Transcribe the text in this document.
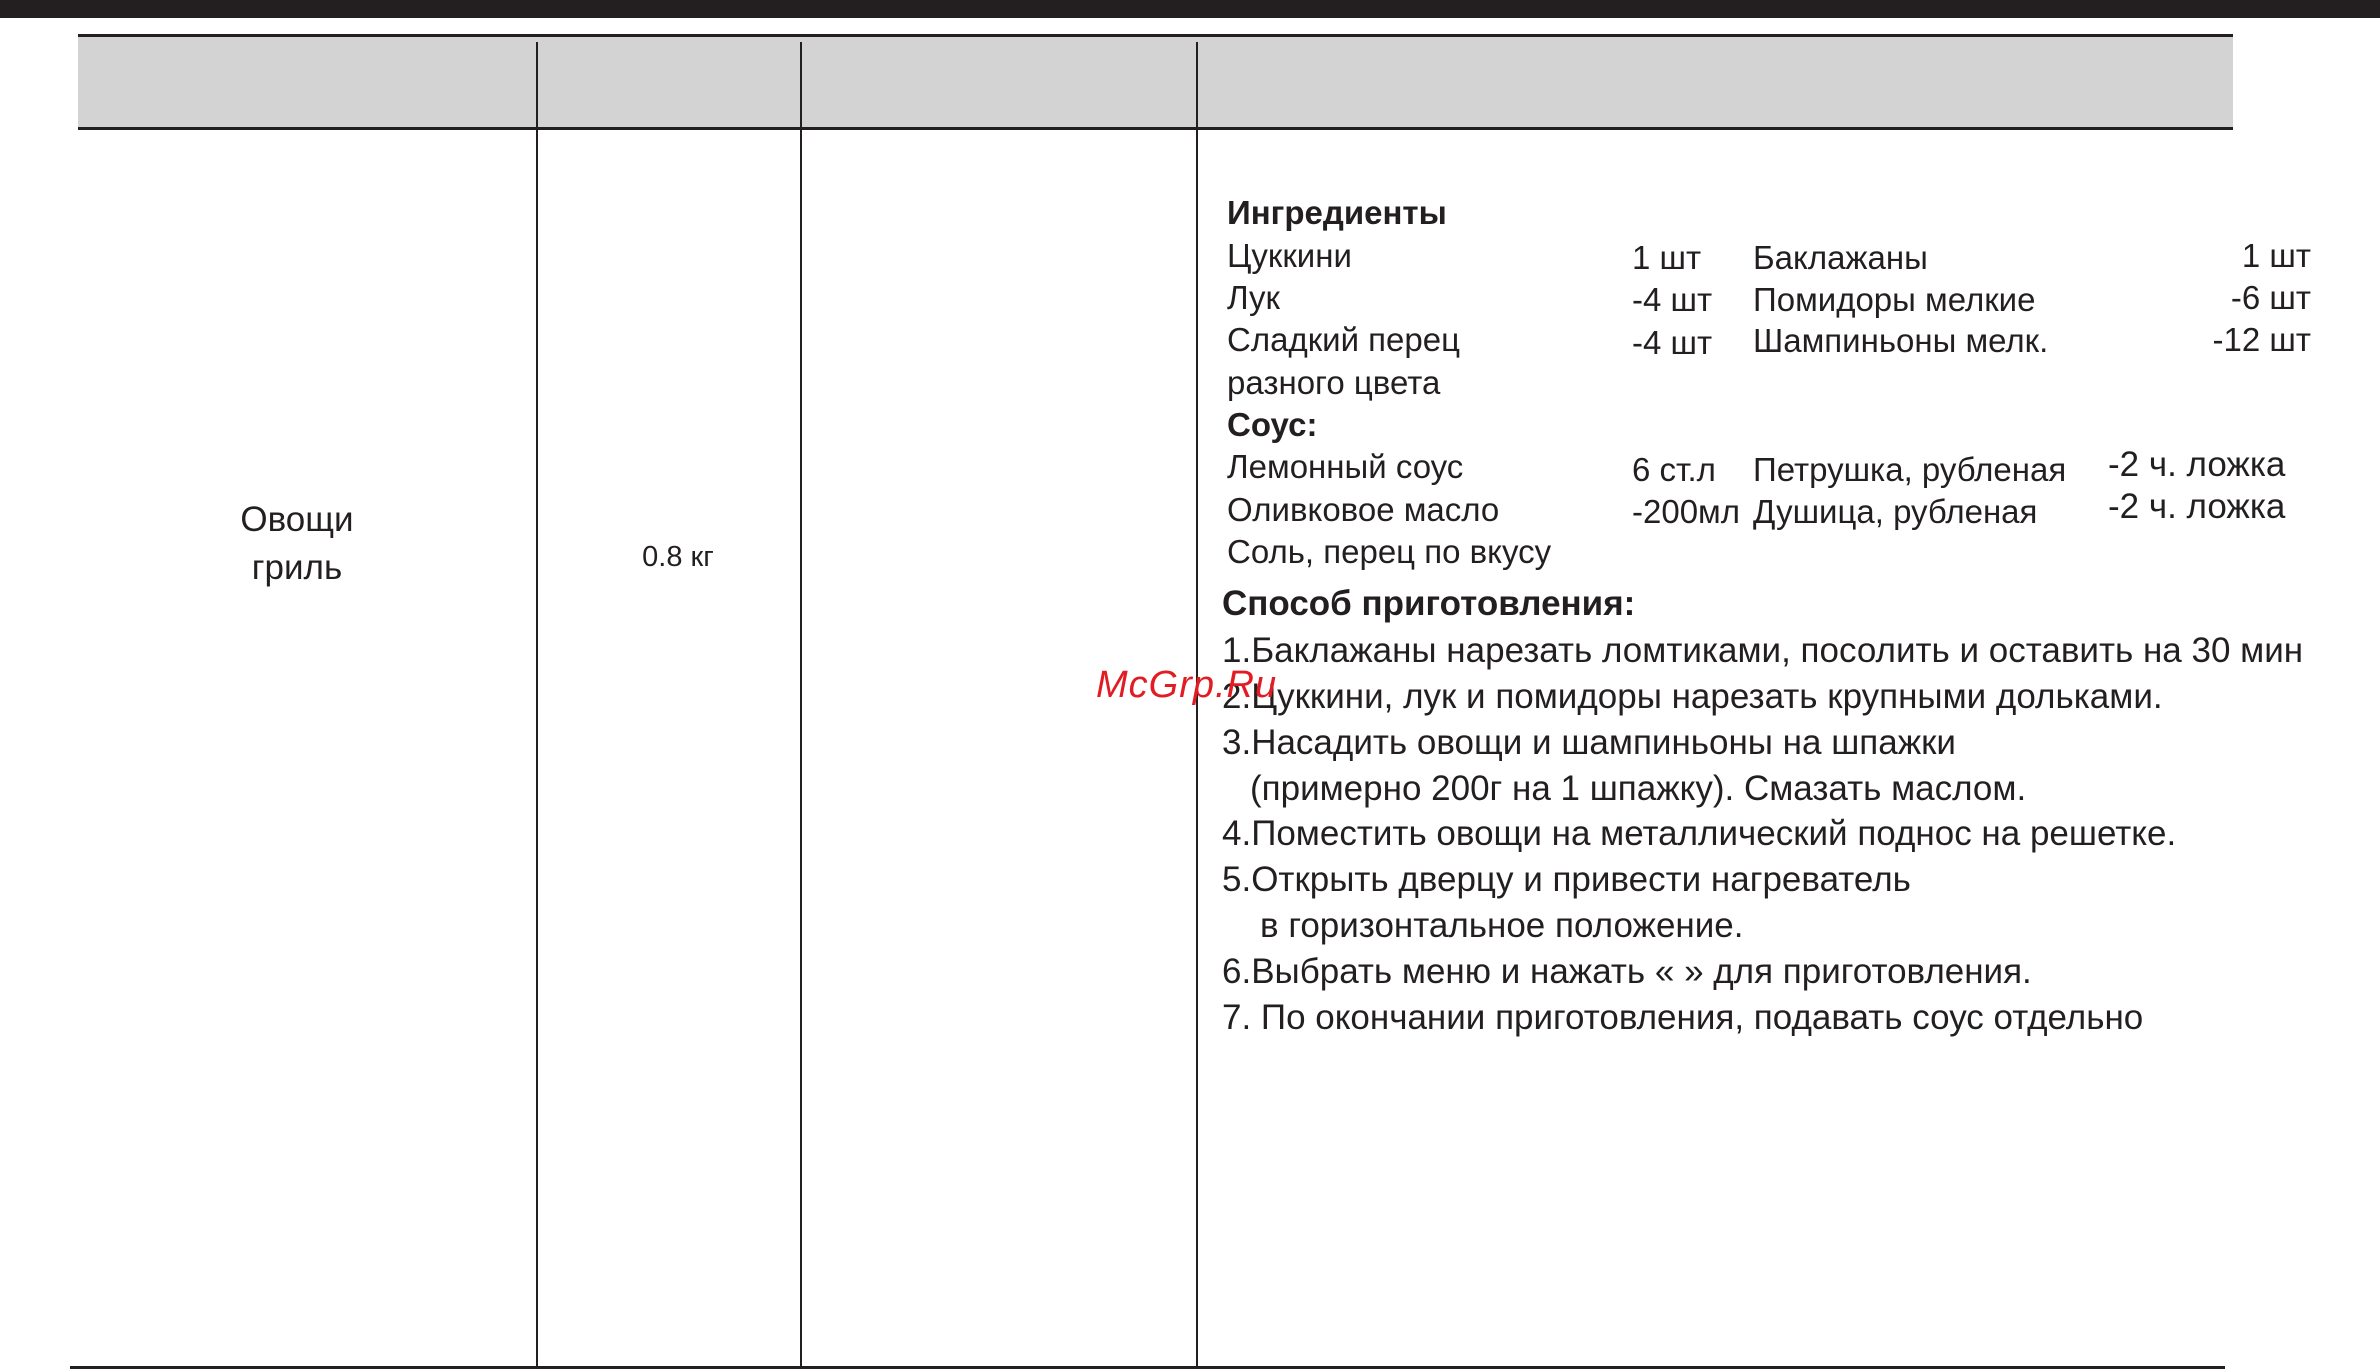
Овощи
гриль	0.8 кг
Ингредиенты
Цуккини	1 шт Баклажаны	1 шт
Лук	-4 шт Помидоры мелкие	-6 шт
Сладкий перец	-4 шт Шампиньоны мелк.	-12 шт
разного цвета
Соус:
Лемонный соус	6 ст.л Петрушка, рубленая -2 ч. ложка
Оливковое масло	-200мл Душица, рубленая -2 ч. ложка
Соль, перец по вкусу
Способ приготовления:
1.Баклажаны нарезать ломтиками, посолить и оставить на 30 мин
2.Цуккини, лук и помидоры нарезать крупными дольками.
3.Насадить овощи и шампиньоны на шпажки
(примерно 200г на 1 шпажку). Смазать маслом.
4.Поместить овощи на металлический поднос на решетке.
5.Открыть дверцу и привести нагреватель
в горизонтальное положение.
6.Выбрать меню и нажать « » для приготовления.
7. По окончании приготовления, подавать соус отдельно
McGrp.Ru
